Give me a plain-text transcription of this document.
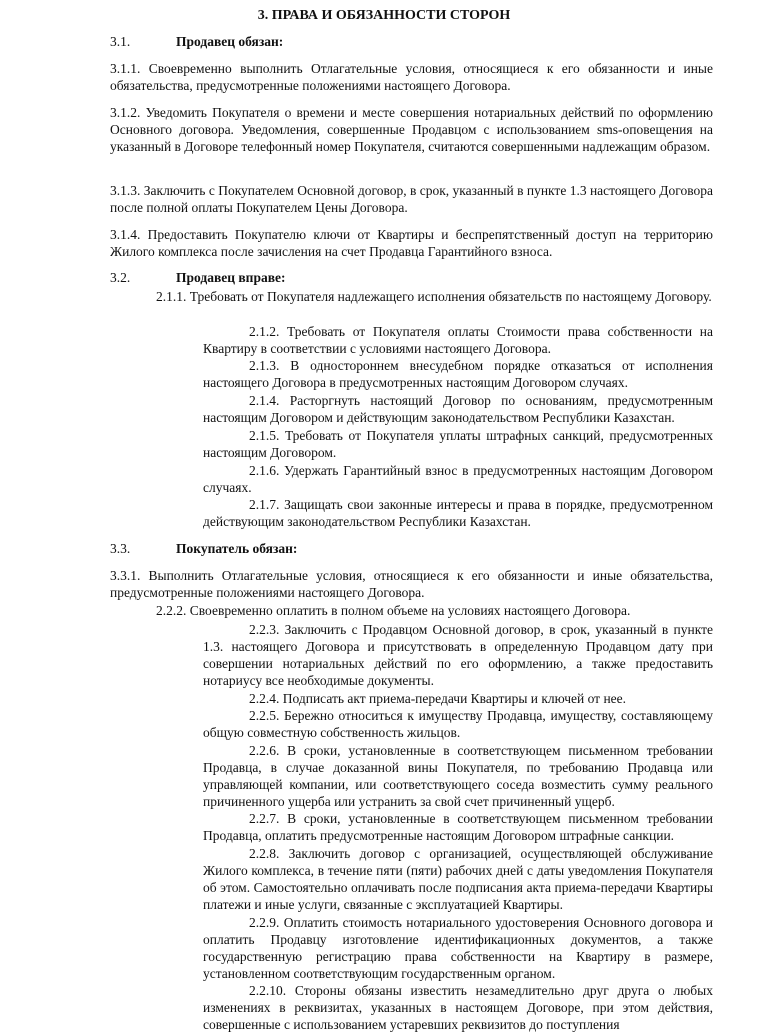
3. ПРАВА И ОБЯЗАННОСТИ СТОРОН
3.1.	Продавец обязан:
3.1.1. Своевременно выполнить Отлагательные условия, относящиеся к его обязанности и иные обязательства, предусмотренные положениями настоящего Договора.
3.1.2. Уведомить Покупателя о времени и месте совершения нотариальных действий по оформлению Основного договора. Уведомления, совершенные Продавцом с использованием sms-оповещения на указанный в Договоре телефонный номер Покупателя, считаются совершенными надлежащим образом.
3.1.3. Заключить с Покупателем Основной договор, в срок, указанный в пункте 1.3 настоящего Договора после полной оплаты Покупателем Цены Договора.
3.1.4. Предоставить Покупателю ключи от Квартиры и беспрепятственный доступ на территорию Жилого комплекса после зачисления на счет Продавца Гарантийного взноса.
3.2.	Продавец вправе:
2.1.1. Требовать от Покупателя надлежащего исполнения обязательств по настоящему Договору.
2.1.2. Требовать от Покупателя оплаты Стоимости права собственности на Квартиру в соответствии с условиями настоящего Договора.
2.1.3. В одностороннем внесудебном порядке отказаться от исполнения настоящего Договора в предусмотренных настоящим Договором случаях.
2.1.4. Расторгнуть настоящий Договор по основаниям, предусмотренным настоящим Договором и действующим законодательством Республики Казахстан.
2.1.5. Требовать от Покупателя уплаты штрафных санкций, предусмотренных настоящим Договором.
2.1.6. Удержать Гарантийный взнос в предусмотренных настоящим Договором случаях.
2.1.7. Защищать свои законные интересы и права в порядке, предусмотренном действующим законодательством Республики Казахстан.
3.3.	Покупатель обязан:
3.3.1. Выполнить Отлагательные условия, относящиеся к его обязанности и иные обязательства, предусмотренные положениями настоящего Договора.
2.2.2. Своевременно оплатить в полном объеме на условиях настоящего Договора.
2.2.3. Заключить с Продавцом Основной договор, в срок, указанный в пункте 1.3. настоящего Договора и присутствовать в определенную Продавцом дату при совершении нотариальных действий по его оформлению, а также предоставить нотариусу все необходимые документы.
2.2.4. Подписать акт приема-передачи Квартиры и ключей от нее.
2.2.5. Бережно относиться к имуществу Продавца, имуществу, составляющему общую совместную собственность жильцов.
2.2.6. В сроки, установленные в соответствующем письменном требовании Продавца, в случае доказанной вины Покупателя, по требованию Продавца или управляющей компании, или соответствующего соседа возместить сумму реального причиненного ущерба или устранить за свой счет причиненный ущерб.
2.2.7. В сроки, установленные в соответствующем письменном требовании Продавца, оплатить предусмотренные настоящим Договором штрафные санкции.
2.2.8. Заключить договор с организацией, осуществляющей обслуживание Жилого комплекса, в течение пяти (пяти) рабочих дней с даты уведомления Покупателя об этом. Самостоятельно оплачивать после подписания акта приема-передачи Квартиры платежи и иные услуги, связанные с эксплуатацией Квартиры.
2.2.9. Оплатить стоимость нотариального удостоверения Основного договора и оплатить Продавцу изготовление идентификационных документов, а также государственную регистрацию права собственности на Квартиру в размере, установленном соответствующим государственным органом.
2.2.10. Стороны обязаны известить незамедлительно друг друга о любых изменениях в реквизитах, указанных в настоящем Договоре, при этом действия, совершенные с использованием устаревших реквизитов до поступления
